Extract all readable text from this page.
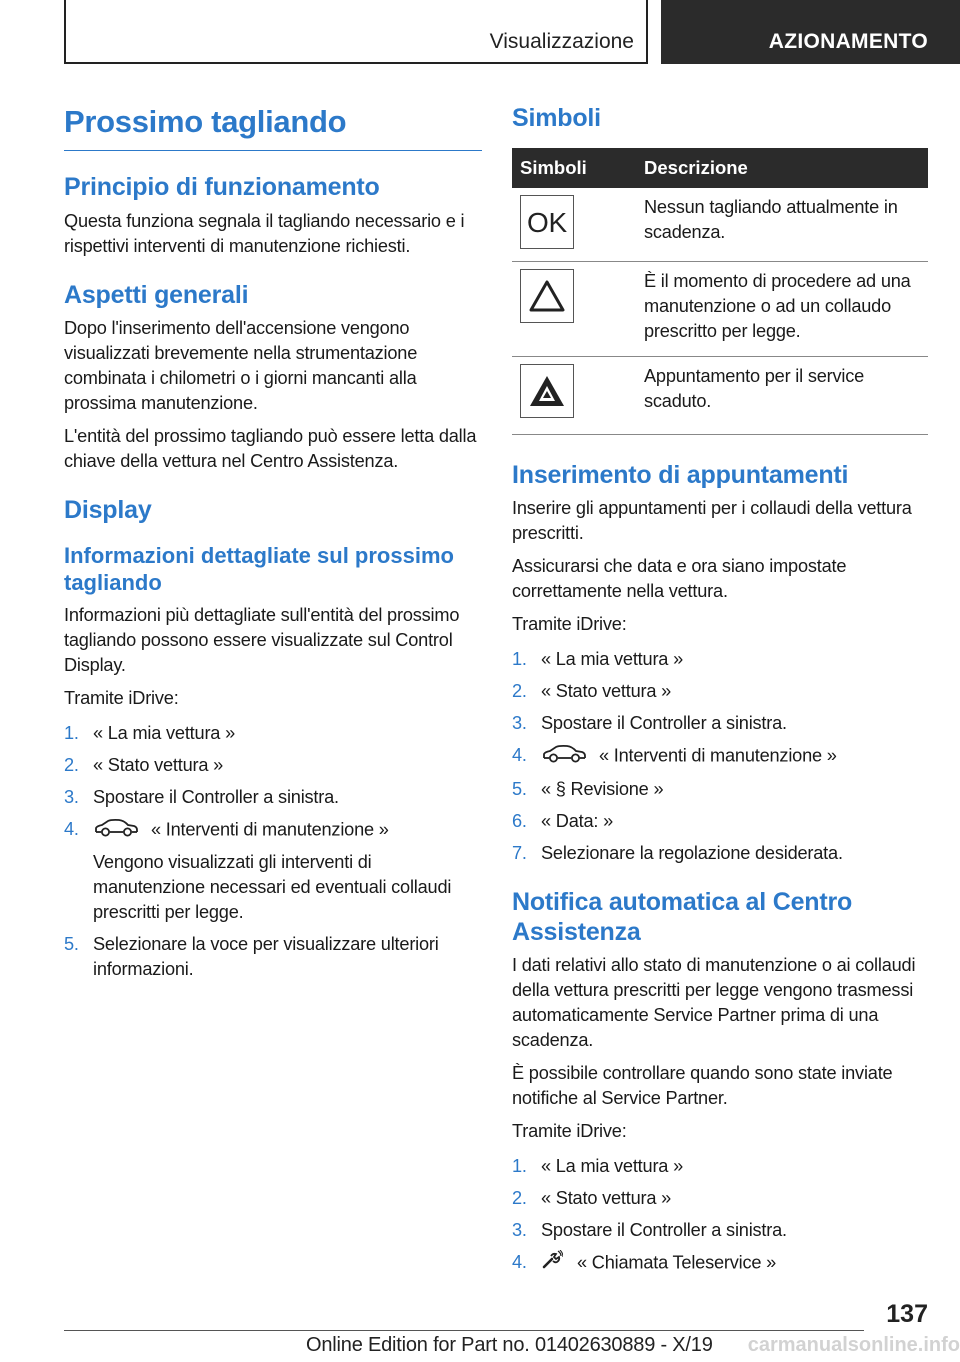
Visualizzazione	AZIONAMENTO
Prossimo tagliando
Principio di funzionamento

Questa funziona segnala il tagliando necessario e i rispettivi interventi di manutenzione richiesti.

Aspetti generali

Dopo l'inserimento dell'accensione vengono visualizzati brevemente nella strumentazione combinata i chilometri o i giorni mancanti alla prossima manutenzione.

L'entità del prossimo tagliando può essere letta dalla chiave della vettura nel Centro Assistenza.

Display
Informazioni dettagliate sul prossimo tagliando

Informazioni più dettagliate sull'entità del prossimo tagliando possono essere visualizzate sul Control Display.

Tramite iDrive:

1. « La mia vettura »
2. « Stato vettura »
3. Spostare il Controller a sinistra.
4.	« Interventi di manutenzione »
Vengono visualizzati gli interventi di manutenzione necessari ed eventuali collaudi prescritti per legge.
5. Selezionare la voce per visualizzare ulteriori informazioni.
Simboli
Simboli	Descrizione

OK	Nessun tagliando attualmente in scadenza.

	È il momento di procedere ad una manutenzione o ad un collaudo prescritto per legge.

	Appuntamento per il service scaduto.
Inserimento di appuntamenti

Inserire gli appuntamenti per i collaudi della vettura prescritti.

Assicurarsi che data e ora siano impostate correttamente nella vettura.

Tramite iDrive:

1. « La mia vettura »
2. « Stato vettura »
3. Spostare il Controller a sinistra.
4.	« Interventi di manutenzione »
5. « § Revisione »
6. « Data: »
7. Selezionare la regolazione desiderata.
Notifica automatica al Centro Assistenza

I dati relativi allo stato di manutenzione o ai collaudi della vettura prescritti per legge vengono trasmessi automaticamente Service Partner prima di una scadenza.

È possibile controllare quando sono state inviate notifiche al Service Partner.

Tramite iDrive:

1. « La mia vettura »
2. « Stato vettura »
3. Spostare il Controller a sinistra.
4.	« Chiamata Teleservice »
137
Online Edition for Part no. 01402630889 - X/19 carmanualsonline.info
